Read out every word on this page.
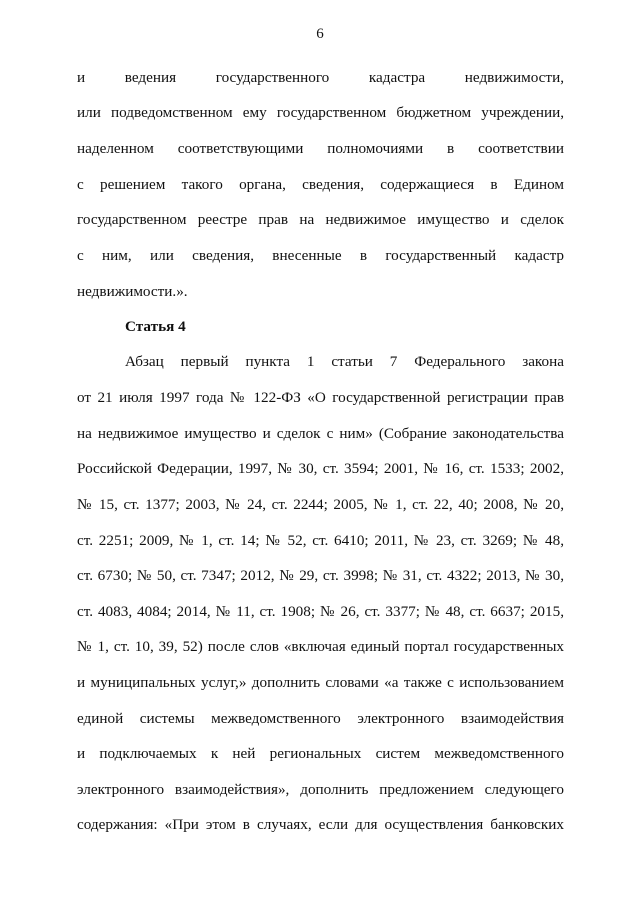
6
и ведения государственного кадастра недвижимости,
или подведомственном ему государственном бюджетном учреждении,
наделенном соответствующими полномочиями в соответствии
с решением такого органа, сведения, содержащиеся в Едином
государственном реестре прав на недвижимое имущество и сделок
с ним, или сведения, внесенные в государственный кадастр
недвижимости.».
Статья 4
Абзац первый пункта 1 статьи 7 Федерального закона
от 21 июля 1997 года № 122-ФЗ «О государственной регистрации прав
на недвижимое имущество и сделок с ним» (Собрание законодательства
Российской Федерации, 1997, № 30, ст. 3594; 2001, № 16, ст. 1533; 2002,
№ 15, ст. 1377; 2003, № 24, ст. 2244; 2005, № 1, ст. 22, 40; 2008, № 20,
ст. 2251; 2009, № 1, ст. 14; № 52, ст. 6410; 2011, № 23, ст. 3269; № 48,
ст. 6730; № 50, ст. 7347; 2012, № 29, ст. 3998; № 31, ст. 4322; 2013, № 30,
ст. 4083, 4084; 2014, № 11, ст. 1908; № 26, ст. 3377; № 48, ст. 6637; 2015,
№ 1, ст. 10, 39, 52) после слов «включая единый портал государственных
и муниципальных услуг,» дополнить словами «а также с использованием
единой системы межведомственного электронного взаимодействия
и подключаемых к ней региональных систем межведомственного
электронного взаимодействия», дополнить предложением следующего
содержания: «При этом в случаях, если для осуществления банковских
